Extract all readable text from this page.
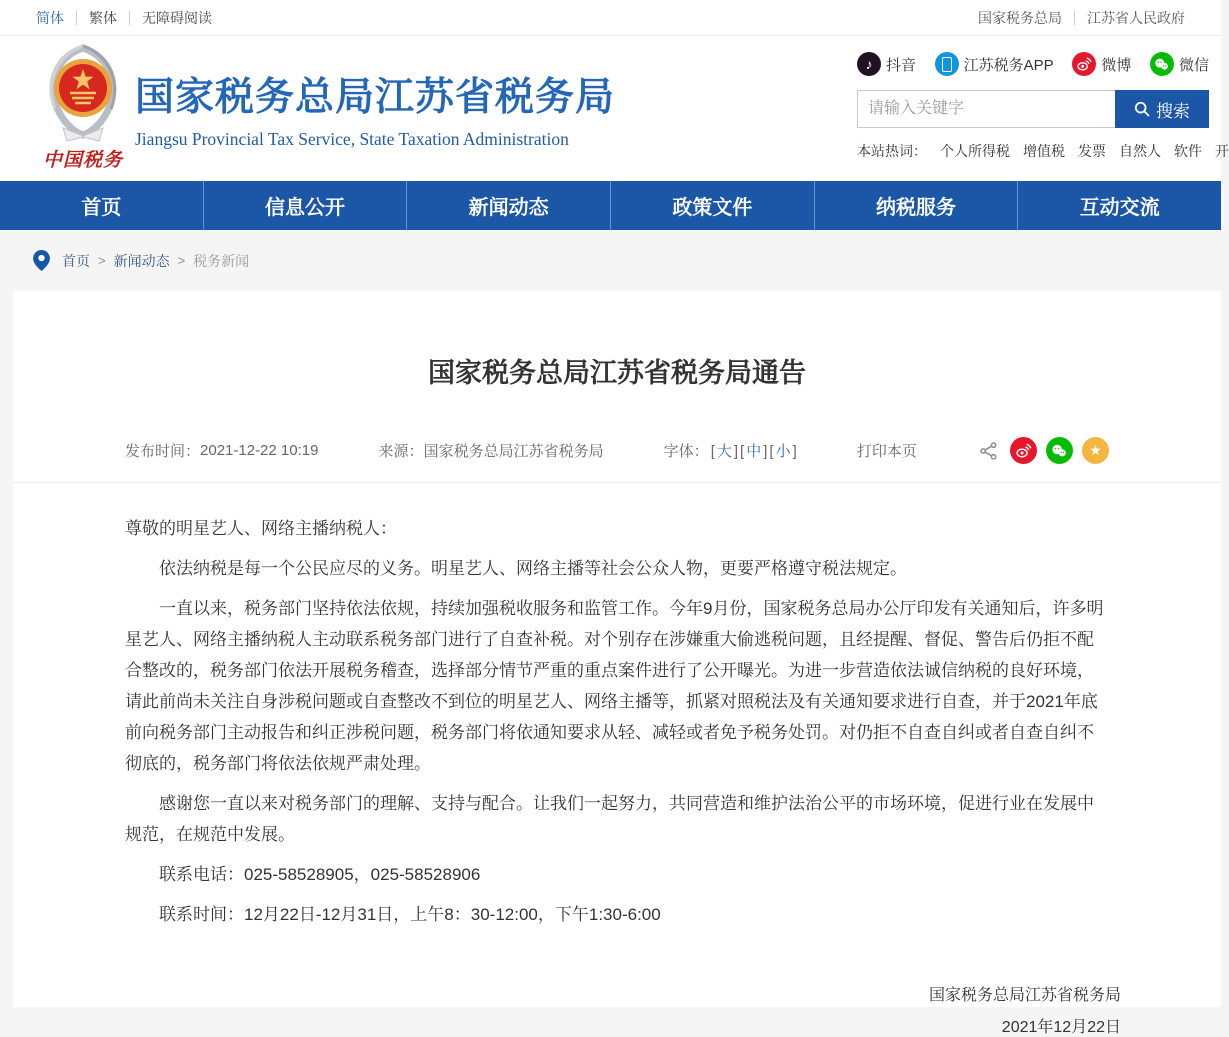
简体 繁体 无障碍阅读	国家税务总局 江苏省人民政府
中国税务
国家税务总局江苏省税务局
Jiangsu Provincial Tax Service, State Taxation Administration
♪ 抖音	江苏税务APP	微博	微信
请输入关键字
搜索
本站热词： 个人所得税 增值税 发票 自然人 软件 开
首页	信息公开	新闻动态	政策文件	纳税服务	互动交流
首页 > 新闻动态 > 税务新闻
国家税务总局江苏省税务局通告
发布时间： 2021-12-22 10:19	来源： 国家税务总局江苏省税务局	字体： [ 大 ] [ 中 ] [ 小 ]	打印本页	★

尊敬的明星艺人、网络主播纳税人：

依法纳税是每一个公民应尽的义务。明星艺人、网络主播等社会公众人物，更要严格遵守税法规定。

一直以来，税务部门坚持依法依规，持续加强税收服务和监管工作。今年9月份，国家税务总局办公厅印发有关通知后，许多明星艺人、网络主播纳税人主动联系税务部门进行了自查补税。对个别存在涉嫌重大偷逃税问题，且经提醒、督促、警告后仍拒不配合整改的，税务部门依法开展税务稽查，选择部分情节严重的重点案件进行了公开曝光。为进一步营造依法诚信纳税的良好环境，请此前尚未关注自身涉税问题或自查整改不到位的明星艺人、网络主播等，抓紧对照税法及有关通知要求进行自查，并于2021年底前向税务部门主动报告和纠正涉税问题，税务部门将依通知要求从轻、减轻或者免予税务处罚。对仍拒不自查自纠或者自查自纠不彻底的，税务部门将依法依规严肃处理。

感谢您一直以来对税务部门的理解、支持与配合。让我们一起努力，共同营造和维护法治公平的市场环境，促进行业在发展中规范，在规范中发展。

联系电话：025-58528905，025-58528906

联系时间：12月22日-12月31日，上午8：30-12:00，下午1:30-6:00

国家税务总局江苏省税务局
2021年12月22日
